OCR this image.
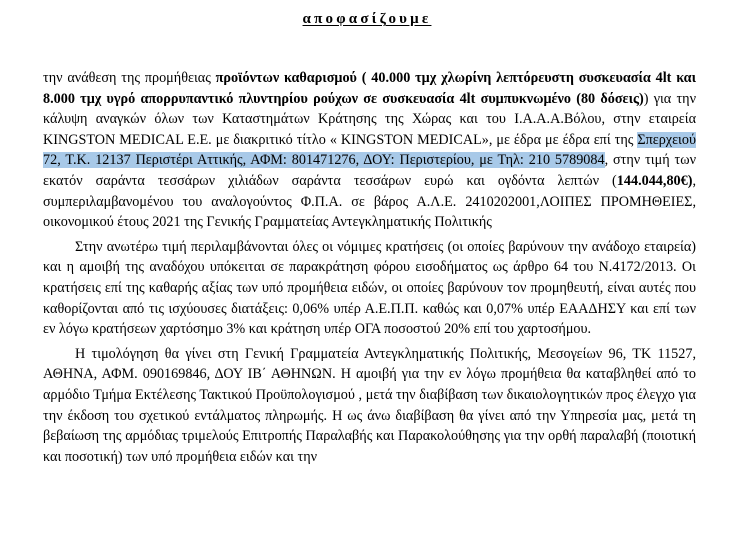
αποφασίζουμε

την ανάθεση της προμήθειας προϊόντων καθαρισμού ( 40.000 τμχ χλωρίνη λεπτόρευστη συσκευασία 4lt και 8.000 τμχ υγρό απορρυπαντικό πλυντηρίου ρούχων σε συσκευασία 4lt συμπυκνωμένο (80 δόσεις)) για την κάλυψη αναγκών όλων των Καταστημάτων Κράτησης της Χώρας και του Ι.Α.Α.Α.Βόλου, στην εταιρεία KINGSTON MEDICAL Ε.Ε. με διακριτικό τίτλο « KINGSTON MEDICAL», με έδρα με έδρα επί της Σπερχειού 72, Τ.Κ. 12137 Περιστέρι Αττικής, ΑΦΜ: 801471276, ΔΟΥ: Περιστερίου, με Τηλ: 210 5789084, στην τιμή των εκατόν σαράντα τεσσάρων χιλιάδων σαράντα τεσσάρων ευρώ και ογδόντα λεπτών (144.044,80€), συμπεριλαμβανομένου του αναλογούντος Φ.Π.Α. σε βάρος Α.Λ.Ε. 2410202001,ΛΟΙΠΕΣ ΠΡΟΜΗΘΕΙΕΣ, οικονομικού έτους 2021 της Γενικής Γραμματείας Αντεγκληματικής Πολιτικής

Στην ανωτέρω τιμή περιλαμβάνονται όλες οι νόμιμες κρατήσεις (οι οποίες βαρύνουν την ανάδοχο εταιρεία) και η αμοιβή της αναδόχου υπόκειται σε παρακράτηση φόρου εισοδήματος ως άρθρο 64 του Ν.4172/2013. Οι κρατήσεις επί της καθαρής αξίας των υπό προμήθεια ειδών, οι οποίες βαρύνουν τον προμηθευτή, είναι αυτές που καθορίζονται από τις ισχύουσες διατάξεις: 0,06% υπέρ Α.Ε.Π.Π. καθώς και 0,07% υπέρ ΕΑΑΔΗΣΥ και επί των εν λόγω κρατήσεων χαρτόσημο 3% και κράτηση υπέρ ΟΓΑ ποσοστού 20% επί του χαρτοσήμου.

Η τιμολόγηση θα γίνει στη Γενική Γραμματεία Αντεγκληματικής Πολιτικής, Μεσογείων 96, ΤΚ 11527, ΑΘΗΝΑ, ΑΦΜ. 090169846, ΔΟΥ ΙΒ΄ ΑΘΗΝΩΝ. Η αμοιβή για την εν λόγω προμήθεια θα καταβληθεί από το αρμόδιο Τμήμα Εκτέλεσης Τακτικού Προϋπολογισμού , μετά την διαβίβαση των δικαιολογητικών προς έλεγχο για την έκδοση του σχετικού εντάλματος πληρωμής. Η ως άνω διαβίβαση θα γίνει από την Υπηρεσία μας, μετά τη βεβαίωση της αρμόδιας τριμελούς Επιτροπής Παραλαβής και Παρακολούθησης για την ορθή παραλαβή (ποιοτική και ποσοτική) των υπό προμήθεια ειδών και την
